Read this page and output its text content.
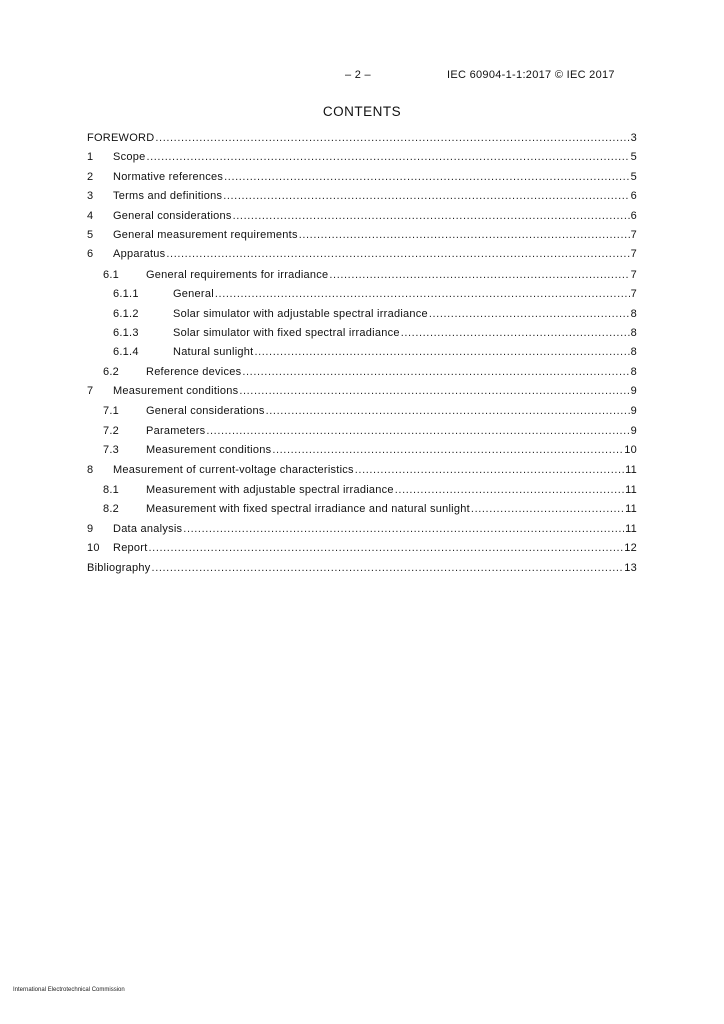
– 2 –	IEC 60904-1-1:2017 © IEC 2017
CONTENTS
FOREWORD .....	3
1	Scope .....	5
2	Normative references .....	5
3	Terms and definitions .....	6
4	General considerations .....	6
5	General measurement requirements .....	7
6	Apparatus .....	7
6.1	General requirements for irradiance .....	7
6.1.1	General .....	7
6.1.2	Solar simulator with adjustable spectral irradiance .....	8
6.1.3	Solar simulator with fixed spectral irradiance .....	8
6.1.4	Natural sunlight .....	8
6.2	Reference devices .....	8
7	Measurement conditions .....	9
7.1	General considerations .....	9
7.2	Parameters .....	9
7.3	Measurement conditions .....	10
8	Measurement of current-voltage characteristics .....	11
8.1	Measurement with adjustable spectral irradiance .....	11
8.2	Measurement with fixed spectral irradiance and natural sunlight .....	11
9	Data analysis .....	11
10	Report .....	12
Bibliography .....	13
International Electrotechnical Commission
